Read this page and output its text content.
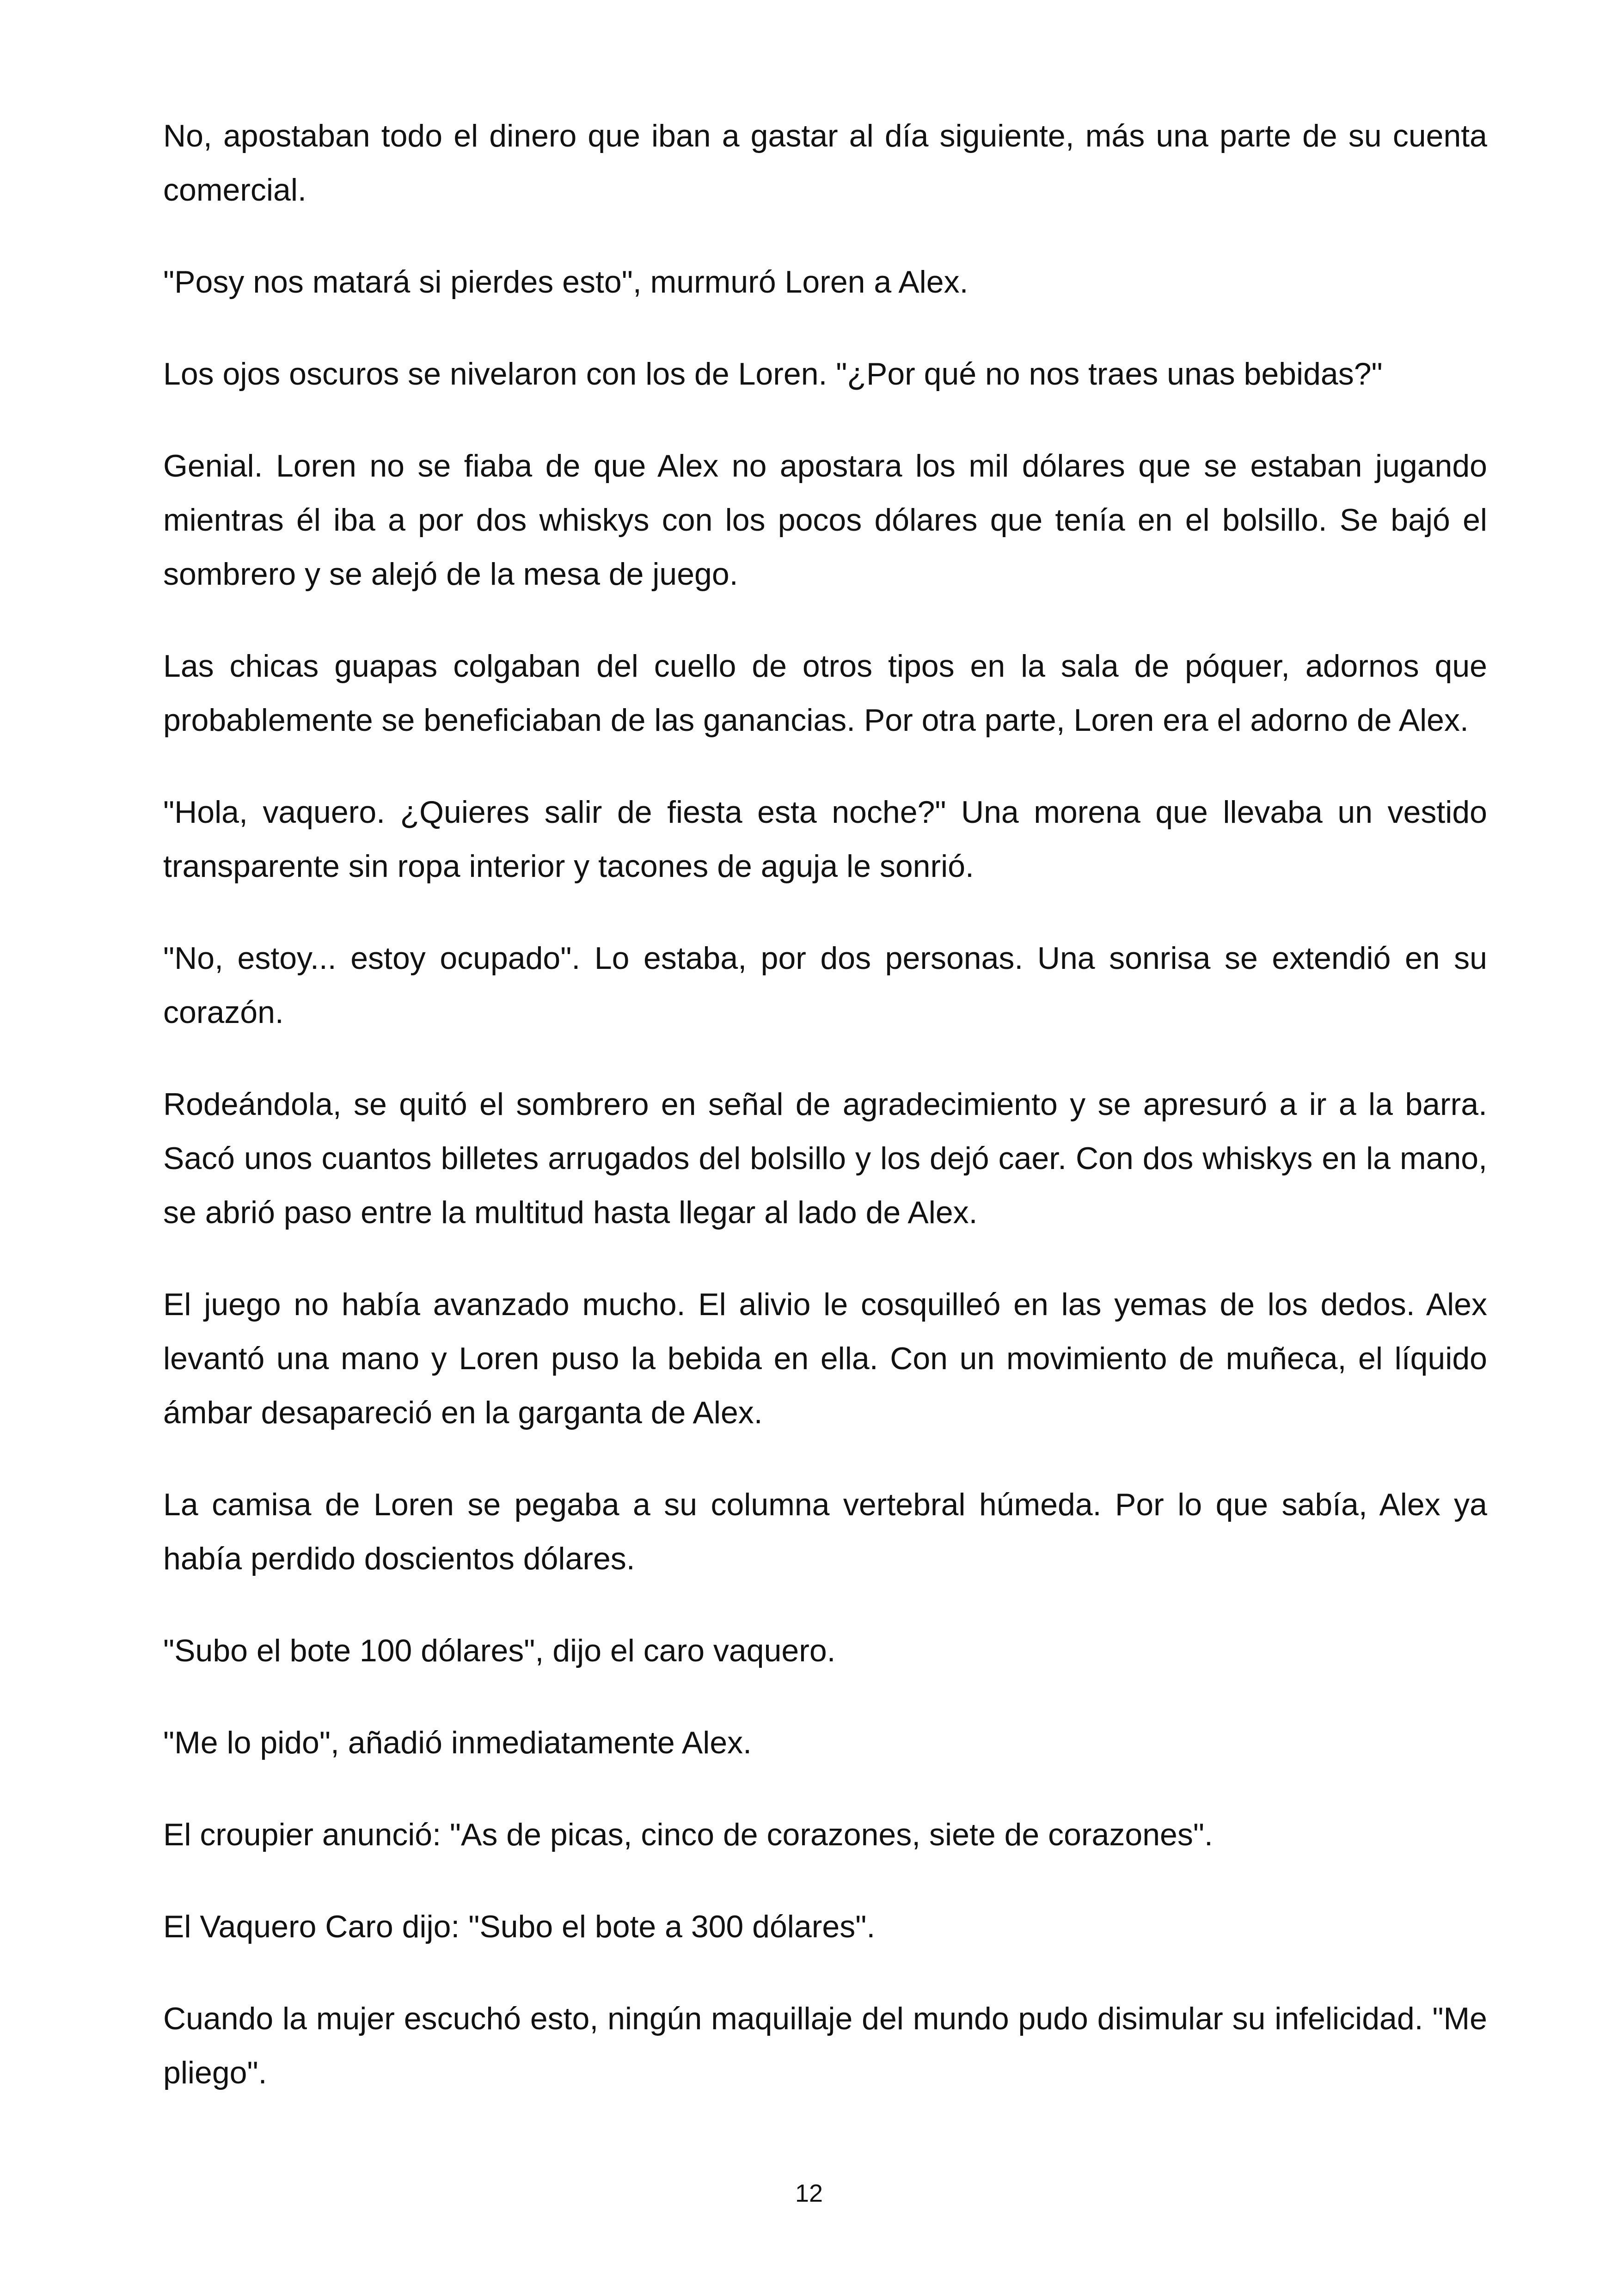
No, apostaban todo el dinero que iban a gastar al día siguiente, más una parte de su cuenta comercial.

"Posy nos matará si pierdes esto", murmuró Loren a Alex.

Los ojos oscuros se nivelaron con los de Loren. "¿Por qué no nos traes unas bebidas?"

Genial. Loren no se fiaba de que Alex no apostara los mil dólares que se estaban jugando mientras él iba a por dos whiskys con los pocos dólares que tenía en el bolsillo. Se bajó el sombrero y se alejó de la mesa de juego.

Las chicas guapas colgaban del cuello de otros tipos en la sala de póquer, adornos que probablemente se beneficiaban de las ganancias. Por otra parte, Loren era el adorno de Alex.

"Hola, vaquero. ¿Quieres salir de fiesta esta noche?" Una morena que llevaba un vestido transparente sin ropa interior y tacones de aguja le sonrió.

"No, estoy... estoy ocupado". Lo estaba, por dos personas. Una sonrisa se extendió en su corazón.

Rodeándola, se quitó el sombrero en señal de agradecimiento y se apresuró a ir a la barra. Sacó unos cuantos billetes arrugados del bolsillo y los dejó caer. Con dos whiskys en la mano, se abrió paso entre la multitud hasta llegar al lado de Alex.

El juego no había avanzado mucho. El alivio le cosquilleó en las yemas de los dedos. Alex levantó una mano y Loren puso la bebida en ella. Con un movimiento de muñeca, el líquido ámbar desapareció en la garganta de Alex.

La camisa de Loren se pegaba a su columna vertebral húmeda. Por lo que sabía, Alex ya había perdido doscientos dólares.

"Subo el bote 100 dólares", dijo el caro vaquero.

"Me lo pido", añadió inmediatamente Alex.

El croupier anunció: "As de picas, cinco de corazones, siete de corazones".

El Vaquero Caro dijo: "Subo el bote a 300 dólares".

Cuando la mujer escuchó esto, ningún maquillaje del mundo pudo disimular su infelicidad. "Me pliego".

12
